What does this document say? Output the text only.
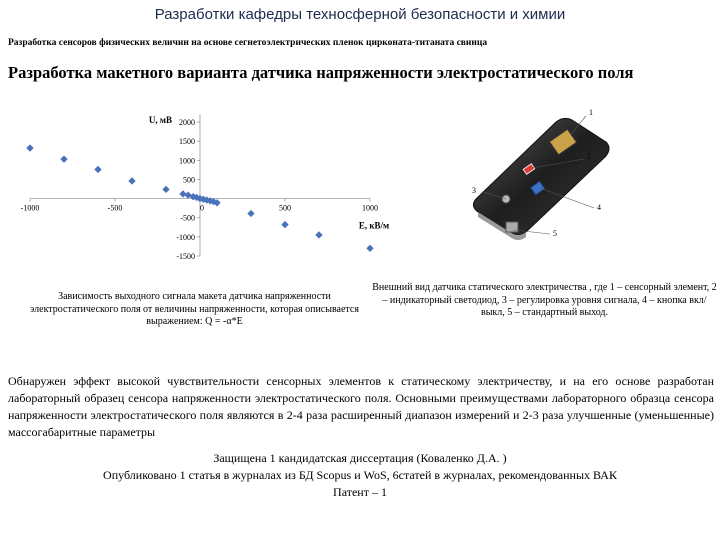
Разработки кафедры техносферной безопасности и химии
Разработка сенсоров физических величин на основе сегнетоэлектрических пленок цирконата-титаната свинца
Разработка макетного варианта датчика напряженности электростатического поля
-1000	-500	500	1000
0
2000
1500
1000
500
-500
-1000
-1500
U, мВ
E, кВ/м
1
2
3
4
5
Зависимость выходного сигнала макета датчика напряженности электростатического поля от величины напряженности, которая описывается выражением: Q = -α*E
Внешний вид датчика статического электричества , где 1 – сенсорный элемент, 2 – индикаторный светодиод, 3 – регулировка уровня сигнала, 4 – кнопка вкл/выкл, 5 – стандартный выход.
Обнаружен эффект высокой чувствительности сенсорных элементов к статическому электричеству, и на его основе разработан лабораторный образец сенсора напряженности электростатического поля. Основными преимуществами лабораторного образца сенсора напряженности электростатического поля являются в 2-4 раза расширенный диапазон измерений и 2-3 раза улучшенные (уменьшенные) массогабаритные параметры
Защищена 1 кандидатская диссертация (Коваленко Д.А. )
Опубликовано 1 статья в журналах из БД Scopus и WoS, 6статей в журналах, рекомендованных ВАК
Патент – 1
